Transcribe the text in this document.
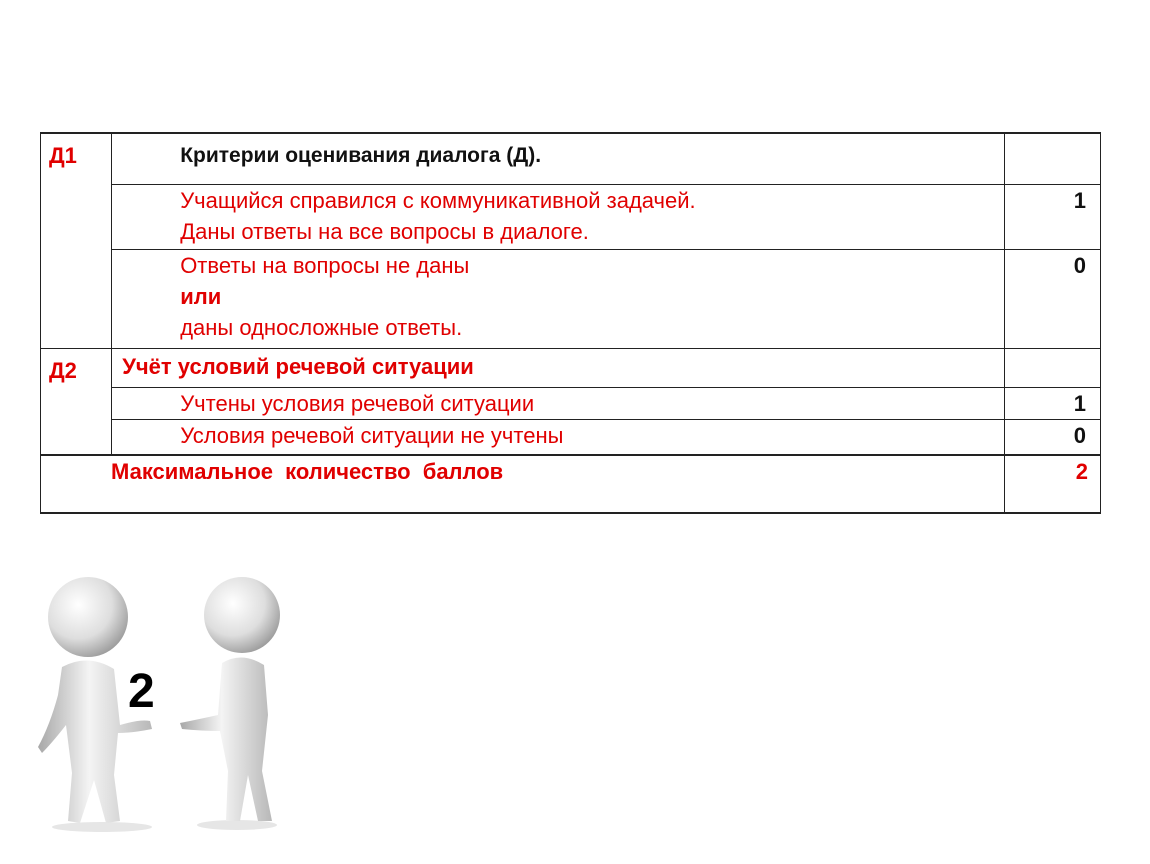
Д1	Критерии оценивания диалога (Д).	

	Учащийся справился с коммуникативной задачей.
Даны ответы на все вопросы в диалоге.	1

	Ответы на вопросы не даны
или
даны односложные ответы.	0
Д2	Учёт условий речевой ситуации	
	Учтены условия речевой ситуации	1
	Условия речевой ситуации не учтены	0
Максимальное количество баллов		2
2
